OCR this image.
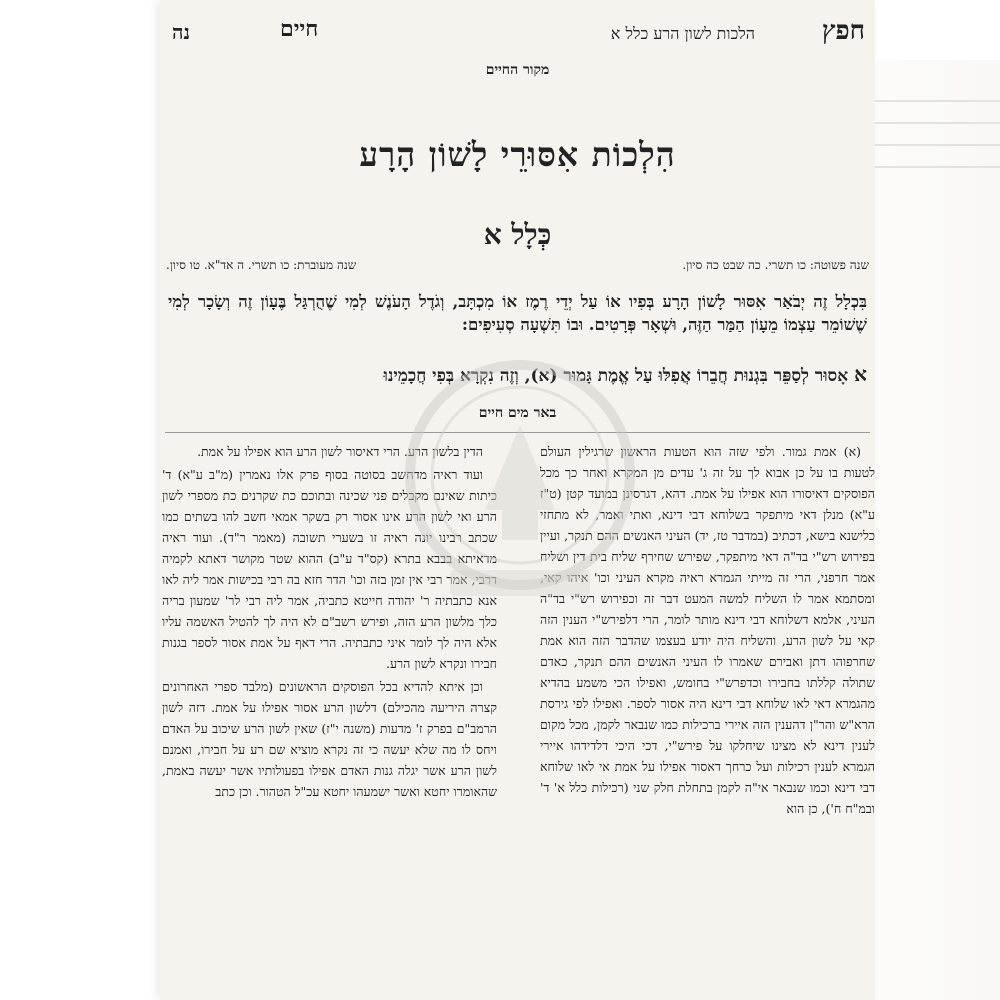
חפץ
הלכות לשון הרע כלל א
חיים
נה
מקור החיים
הִלְכוֹת אִסּוּרֵי לָשׁוֹן הָרָע
כְּלָל א
שנה פשוטה: כו תשרי. כה שבט כה סיון.
שנה מעוברת: כו תשרי. ה אד"א. טו סיון.
בִּכְלָל זֶה יְבֹאַר אִסּוּר לָשׁוֹן הָרָע בְּפִיו אוֹ עַל יְדֵי רֶמֶז אוֹ מִכְתָּב, וְגֹדֶל הָעֹנֶשׁ לְמִי שֶׁהֻרְגַּל בֶּעָוֹן זֶה וְשָׂכָר לְמִי שֶׁשׁוֹמֵר עַצְמוֹ מֵעָוֹן הַמַּר הַזֶּה, וּשְׁאָר פְּרָטִים. וּבוֹ תִּשְׁעָה סְעִיפִים:
אאָסוּר לְסַפֵּר בִּגְנוּת חֲבֵרוֹ אֲפִלּוּ עַל אֱמֶת גָּמוּר (א), וְזֶה נִקְרָא בְּפִי חֲכָמֵינוּ
באר מים חיים

(א) אמת גמור. ולפי שזה הוא הטעות הראשון שרגילין העולם לטעות בו על כן אבוא לך על זה ג' עדים מן המקרא ואחר כך מכל הפוסקים דאיסורו הוא אפילו על אמת. דהא, דגרסינן במועד קטן (ט"ז ע"א) מנלן דאי מיתפקר בשלוחא דבי דינא, ואתי ואמר, לא מתחזי כלישנא בישא, דכתיב (במדבר טז, יד) העיני האנשים ההם תנקר, ועיין בפירוש רש"י בד"ה דאי מיתפקר, שפירש שחירף שליח בית דין ושליח אמר חרפני, הרי זה מייתי הגמרא ראיה מקרא העיני וכו' איהו קאי, ומסתמא אמר לו השליח למשה המעט דבר זה וכפירוש רש"י בד"ה העיני, אלמא דשלוחא דבי דינא מותר לומר, הרי דלפירש"י הענין הזה קאי על לשון הרע, והשליח היה יודע בעצמו שהדבר הזה הוא אמת שחרפוהו דתן ואבירם שאמרו לו העיני האנשים ההם תנקר, כאדם שתולה קללתו בחבירו וכדפרש"י בחומש, ואפילו הכי משמע בהדיא מהגמרא דאי לאו שלוחא דבי דינא היה אסור לספר. ואפילו לפי גירסת הרא"ש והר"ן דהענין הזה איירי ברכילות כמו שנבאר לקמן, מכל מקום לענין דינא לא מצינו שיחלקו על פירש"י, דכי היכי דלדידהו איירי הגמרא לענין רכילות ועל כרחך דאסור אפילו על אמת אי לאו שלוחא דבי דינא וכמו שנבאר אי"ה לקמן בתחלת חלק שני (רכילות כלל א' ד' ובמ"ח ח'), כן הוא

הדין בלשון הרע. הרי דאיסור לשון הרע הוא אפילו על אמת.

ועוד ראיה מדחשב בסוטה בסוף פרק אלו נאמרין (מ"ב ע"א) ד' כיתות שאינם מקבלים פני שכינה ובתוכם כת שקרנים כת מספרי לשון הרע ואי לשון הרע אינו אסור רק בשקר אמאי חשב להו בשתים כמו שכתב רבינו יונה ראיה זו בשערי תשובה (מאמר ר"ד). ועוד ראיה מדאיתא בבבא בתרא (קס"ד ע"ב) ההוא שטר מקושר דאתא לקמיה דרבי, אמר רבי אין זמן בזה וכו' הדר חזא בה רבי בכישות אמר ליה לאו אנא כתבתיה ר' יהודה חייטא כתביה, אמר ליה רבי לר' שמעון בריה כלך מלשון הרע הזה, ופירש רשב"ם לא היה לך להטיל האשמה עליו אלא היה לך לומר איני כתבתיה. הרי דאף על אמת אסור לספר בגנות חבירו ונקרא לשון הרע.

וכן איתא להדיא בכל הפוסקים הראשונים (מלבד ספרי האחרונים קצרה היריעה מהכילם) דלשון הרע אסור אפילו על אמת. דזה לשון הרמב"ם בפרק ז' מדעות (משנה י"ז) שאין לשון הרע שיכוב על האדם ויחס לו מה שלא יעשה כי זה נקרא מוציא שם רע על חבירו, ואמנם לשון הרע אשר יגלה גנות האדם אפילו בפעולותיו אשר יעשה באמת, שהאומרו יחטא ואשר ישמעהו יחטא עכ"ל הטהור. וכן כתב
